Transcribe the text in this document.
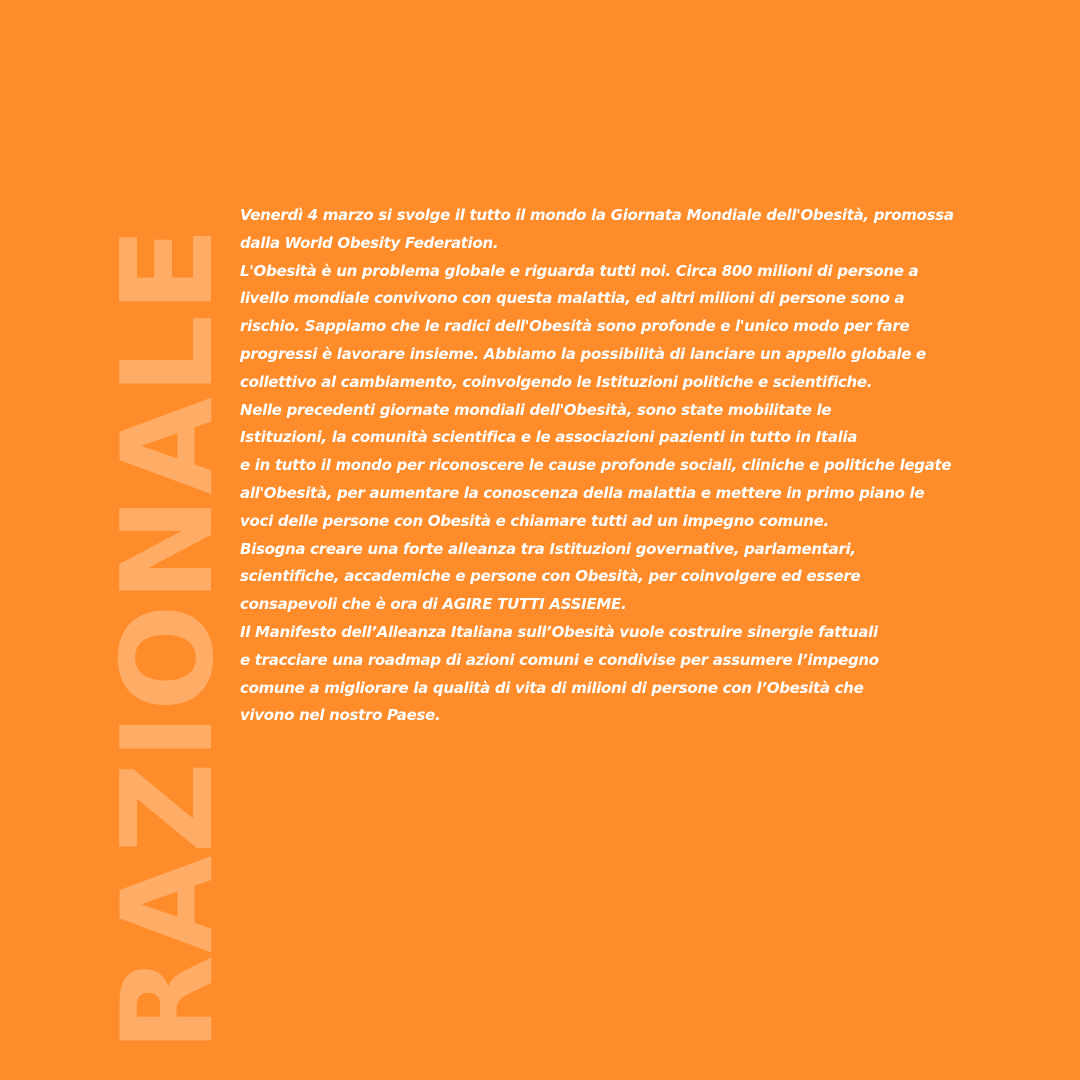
RAZIONALE
Venerdì 4 marzo si svolge il tutto il mondo la Giornata Mondiale dell'Obesità, promossa
dalla World Obesity Federation.
L'Obesità è un problema globale e riguarda tutti noi. Circa 800 milioni di persone a
livello mondiale convivono con questa malattia, ed altri milioni di persone sono a
rischio. Sappiamo che le radici dell'Obesità sono profonde e l'unico modo per fare
progressi è lavorare insieme. Abbiamo la possibilità di lanciare un appello globale e
collettivo al cambiamento, coinvolgendo le Istituzioni politiche e scientifiche.
Nelle precedenti giornate mondiali dell'Obesità, sono state mobilitate le
Istituzioni, la comunità scientifica e le associazioni pazienti in tutto in Italia
e in tutto il mondo per riconoscere le cause profonde sociali, cliniche e politiche legate
all'Obesità, per aumentare la conoscenza della malattia e mettere in primo piano le
voci delle persone con Obesità e chiamare tutti ad un impegno comune.
Bisogna creare una forte alleanza tra Istituzioni governative, parlamentari,
scientifiche, accademiche e persone con Obesità, per coinvolgere ed essere
consapevoli che è ora di AGIRE TUTTI ASSIEME.
Il Manifesto dell’Alleanza Italiana sull’Obesità vuole costruire sinergie fattuali
e tracciare una roadmap di azioni comuni e condivise per assumere l’impegno
comune a migliorare la qualità di vita di milioni di persone con l’Obesità che
vivono nel nostro Paese.
